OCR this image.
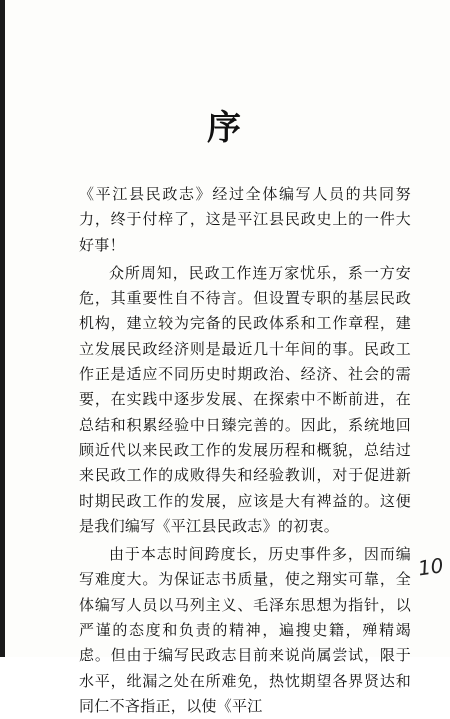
序

《平江县民政志》经过全体编写人员的共同努力，终于付梓了，这是平江县民政史上的一件大好事！

众所周知，民政工作连万家忧乐，系一方安危，其重要性自不待言。但设置专职的基层民政机构，建立较为完备的民政体系和工作章程，建立发展民政经济则是最近几十年间的事。民政工作正是适应不同历史时期政治、经济、社会的需要，在实践中逐步发展、在探索中不断前进，在总结和积累经验中日臻完善的。因此，系统地回顾近代以来民政工作的发展历程和概貌，总结过来民政工作的成败得失和经验教训，对于促进新时期民政工作的发展，应该是大有裨益的。这便是我们编写《平江县民政志》的初衷。

由于本志时间跨度长，历史事件多，因而编写难度大。为保证志书质量，使之翔实可靠，全体编写人员以马列主义、毛泽东思想为指针，以严谨的态度和负责的精神，遍搜史籍，殚精竭虑。但由于编写民政志目前来说尚属尝试，限于水平，纰漏之处在所难免，热忱期望各界贤达和同仁不吝指正，以使《平江

10
